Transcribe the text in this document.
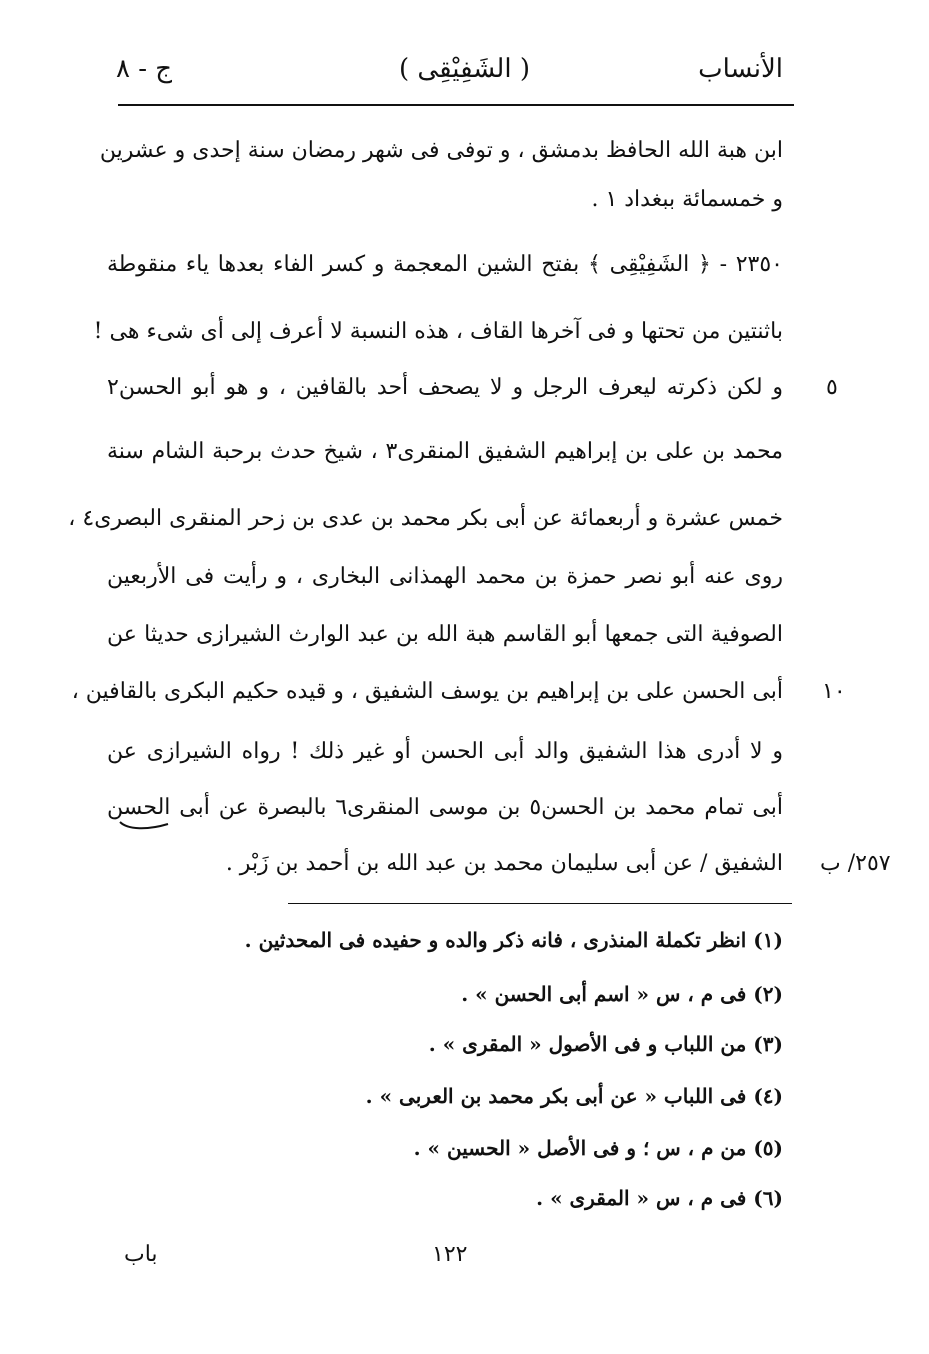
الأنساب
( الشَفِيْقِى )
ج - ٨
ابن هبة الله الحافظ بدمشق ، و توفى فى شهر رمضان سنة إحدى و عشرين
و خمسمائة ببغداد ١ .
٢٣٥٠ - ﴿ الشَفِيْقِى ﴾ بفتح الشين المعجمة و كسر الفاء بعدها ياء منقوطة
باثنتين من تحتها و فى آخرها القاف ، هذه النسبة لا أعرف إلى أى شىء هى !
و لكن ذكرته ليعرف الرجل و لا يصحف أحد بالقافين ، و هو أبو الحسن٢
محمد بن على بن إبراهيم الشفيق المنقرى٣ ، شيخ حدث برحبة الشام سنة
خمس عشرة و أربعمائة عن أبى بكر محمد بن عدى بن زحر المنقرى البصرى٤ ،
روى عنه أبو نصر حمزة بن محمد الهمذانى البخارى ، و رأيت فى الأربعين
الصوفية التى جمعها أبو القاسم هبة الله بن عبد الوارث الشيرازى حديثا عن
أبى الحسن على بن إبراهيم بن يوسف الشفيق ، و قيده حكيم البكرى بالقافين ،
و لا أدرى هذا الشفيق والد أبى الحسن أو غير ذلك ! رواه الشيرازى عن
أبى تمام محمد بن الحسن٥ بن موسى المنقرى٦ بالبصرة عن أبى الحسن
الشفيق / عن أبى سليمان محمد بن عبد الله بن أحمد بن زَبْر .
٥
١٠
٢٥٧/ ب
(١) انظر تكملة المنذرى ، فانه ذكر والده و حفيده فى المحدثين .
(٢) فى م ، س « اسم أبى الحسن » .
(٣) من اللباب و فى الأصول « المقرى » .
(٤) فى اللباب « عن أبى بكر محمد بن العربى » .
(٥) من م ، س ؛ و فى الأصل « الحسين » .
(٦) فى م ، س « المقرى » .
١٢٢
باب
